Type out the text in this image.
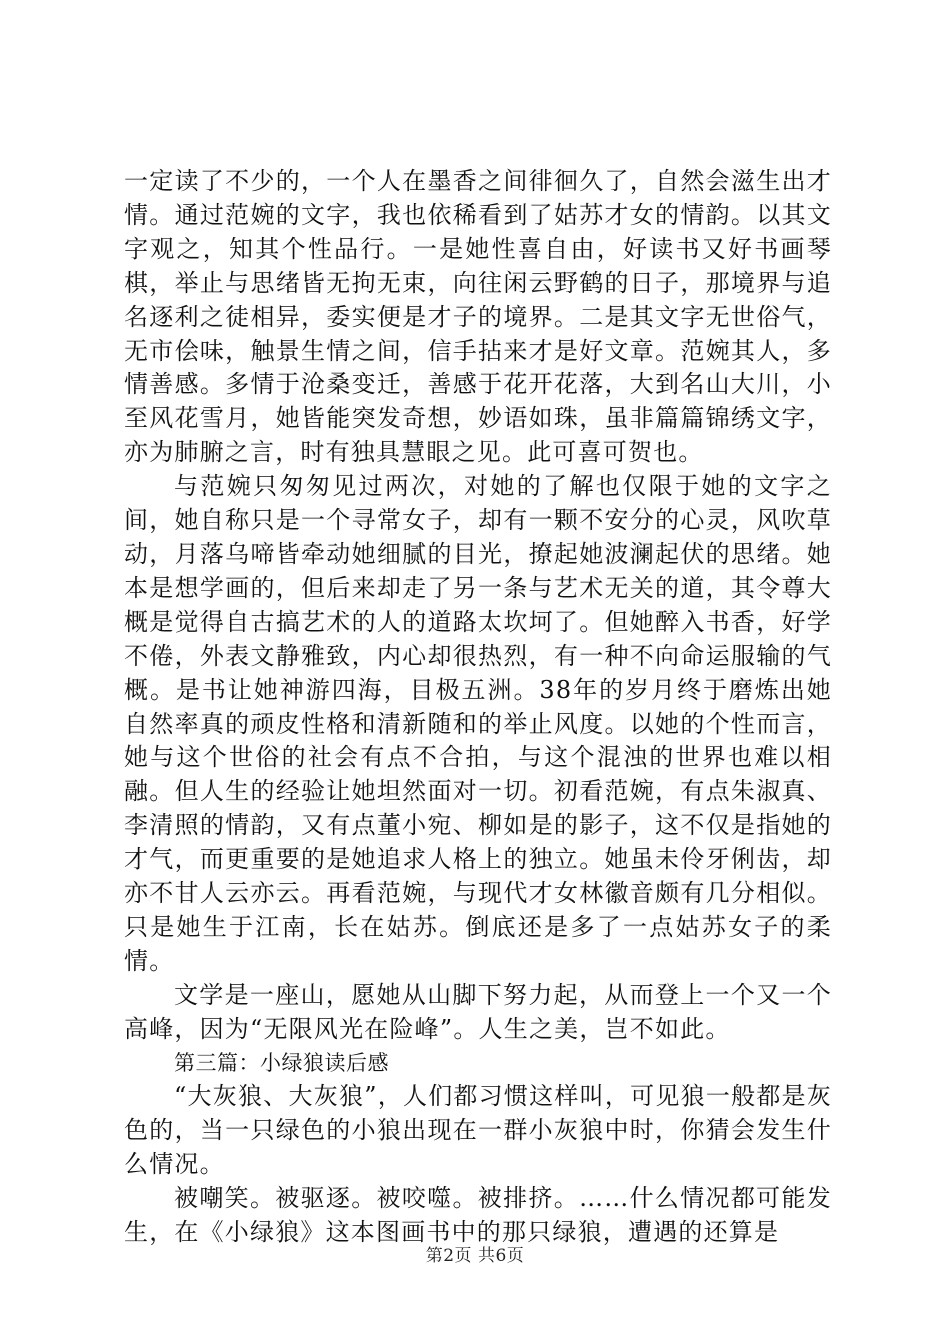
一定读了不少的，一个人在墨香之间徘徊久了，自然会滋生出才情。通过范婉的文字，我也依稀看到了姑苏才女的情韵。以其文字观之，知其个性品行。一是她性喜自由，好读书又好书画琴棋，举止与思绪皆无拘无束，向往闲云野鹤的日子，那境界与追名逐利之徒相异，委实便是才子的境界。二是其文字无世俗气，无市侩味，触景生情之间，信手拈来才是好文章。范婉其人，多情善感。多情于沧桑变迁，善感于花开花落，大到名山大川，小至风花雪月，她皆能突发奇想，妙语如珠，虽非篇篇锦绣文字，亦为肺腑之言，时有独具慧眼之见。此可喜可贺也。

与范婉只匆匆见过两次，对她的了解也仅限于她的文字之间，她自称只是一个寻常女子，却有一颗不安分的心灵，风吹草动，月落乌啼皆牵动她细腻的目光，撩起她波澜起伏的思绪。她本是想学画的，但后来却走了另一条与艺术无关的道，其令尊大概是觉得自古搞艺术的人的道路太坎坷了。但她醉入书香，好学不倦，外表文静雅致，内心却很热烈，有一种不向命运服输的气概。是书让她神游四海，目极五洲。38年的岁月终于磨炼出她自然率真的顽皮性格和清新随和的举止风度。以她的个性而言，她与这个世俗的社会有点不合拍，与这个混浊的世界也难以相融。但人生的经验让她坦然面对一切。初看范婉，有点朱淑真、李清照的情韵，又有点董小宛、柳如是的影子，这不仅是指她的才气，而更重要的是她追求人格上的独立。她虽未伶牙俐齿，却亦不甘人云亦云。再看范婉，与现代才女林徽音颇有几分相似。只是她生于江南，长在姑苏。倒底还是多了一点姑苏女子的柔情。

文学是一座山，愿她从山脚下努力起，从而登上一个又一个高峰，因为“无限风光在险峰”。人生之美，岂不如此。

第三篇：小绿狼读后感

“大灰狼、大灰狼”，人们都习惯这样叫，可见狼一般都是灰色的，当一只绿色的小狼出现在一群小灰狼中时，你猜会发生什么情况。

被嘲笑。被驱逐。被咬噬。被排挤。……什么情况都可能发生，在《小绿狼》这本图画书中的那只绿狼，遭遇的还算是

第2页 共6页
